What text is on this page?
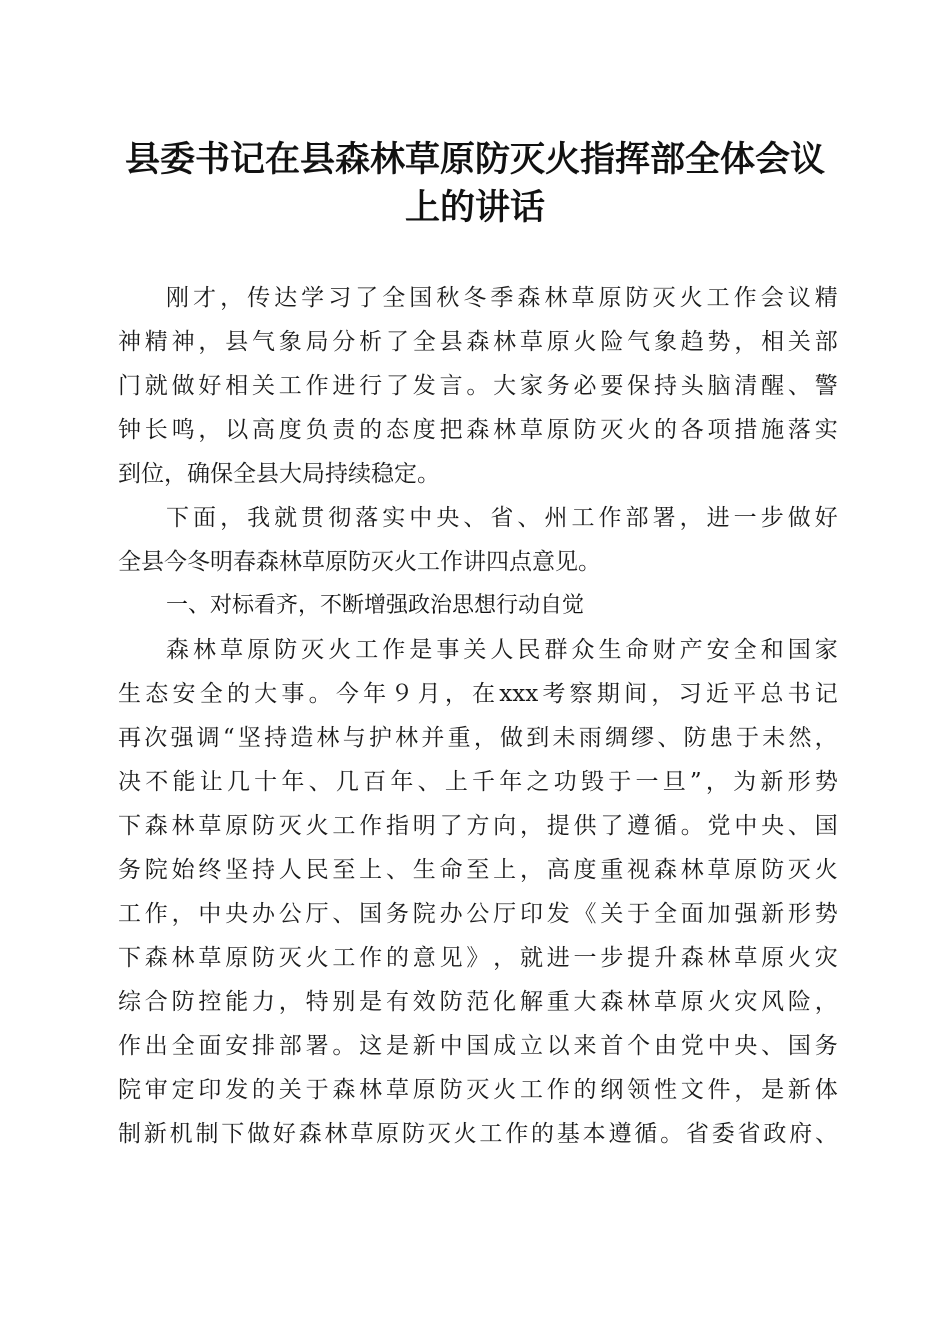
县委书记在县森林草原防灭火指挥部全体会议
上的讲话
刚 才 ， 传 达 学 习 了 全 国 秋 冬 季 森 林 草 原 防 灭 火 工 作 会 议 精
神 精 神 ， 县 气 象 局 分 析 了 全 县 森 林 草 原 火 险 气 象 趋 势 ， 相 关 部
门 就 做 好 相 关 工 作 进 行 了 发 言 。 大 家 务 必 要 保 持 头 脑 清 醒 、 警
钟 长 鸣 ， 以 高 度 负 责 的 态 度 把 森 林 草 原 防 灭 火 的 各 项 措 施 落 实
到位，确保全县大局持续稳定。
下 面 ， 我 就 贯 彻 落 实 中 央 、 省 、 州 工 作 部 署 ， 进 一 步 做 好
全县今冬明春森林草原防灭火工作讲四点意见。
一、对标看齐，不断增强政治思想行动自觉
森 林 草 原 防 灭 火 工 作 是 事 关 人 民 群 众 生 命 财 产 安 全 和 国 家
生 态 安 全 的 大 事 。 今 年 ９ 月 ， 在 xxx 考 察 期 间 ， 习 近 平 总 书 记
再 次 强 调 “ 坚 持 造 林 与 护 林 并 重 ， 做 到 未 雨 绸 缪 、 防 患 于 未 然 ，
决 不 能 让 几 十 年 、 几 百 年 、 上 千 年 之 功 毁 于 一 旦 ” ， 为 新 形 势
下 森 林 草 原 防 灭 火 工 作 指 明 了 方 向 ， 提 供 了 遵 循 。 党 中 央 、 国
务 院 始 终 坚 持 人 民 至 上 、 生 命 至 上 ， 高 度 重 视 森 林 草 原 防 灭 火
工 作 ， 中 央 办 公 厅 、 国 务 院 办 公 厅 印 发 《 关 于 全 面 加 强 新 形 势
下 森 林 草 原 防 灭 火 工 作 的 意 见 》 ， 就 进 一 步 提 升 森 林 草 原 火 灾
综 合 防 控 能 力 ， 特 别 是 有 效 防 范 化 解 重 大 森 林 草 原 火 灾 风 险 ，
作 出 全 面 安 排 部 署 。 这 是 新 中 国 成 立 以 来 首 个 由 党 中 央 、 国 务
院 审 定 印 发 的 关 于 森 林 草 原 防 灭 火 工 作 的 纲 领 性 文 件 ， 是 新 体
制 新 机 制 下 做 好 森 林 草 原 防 灭 火 工 作 的 基 本 遵 循 。 省 委 省 政 府 、
